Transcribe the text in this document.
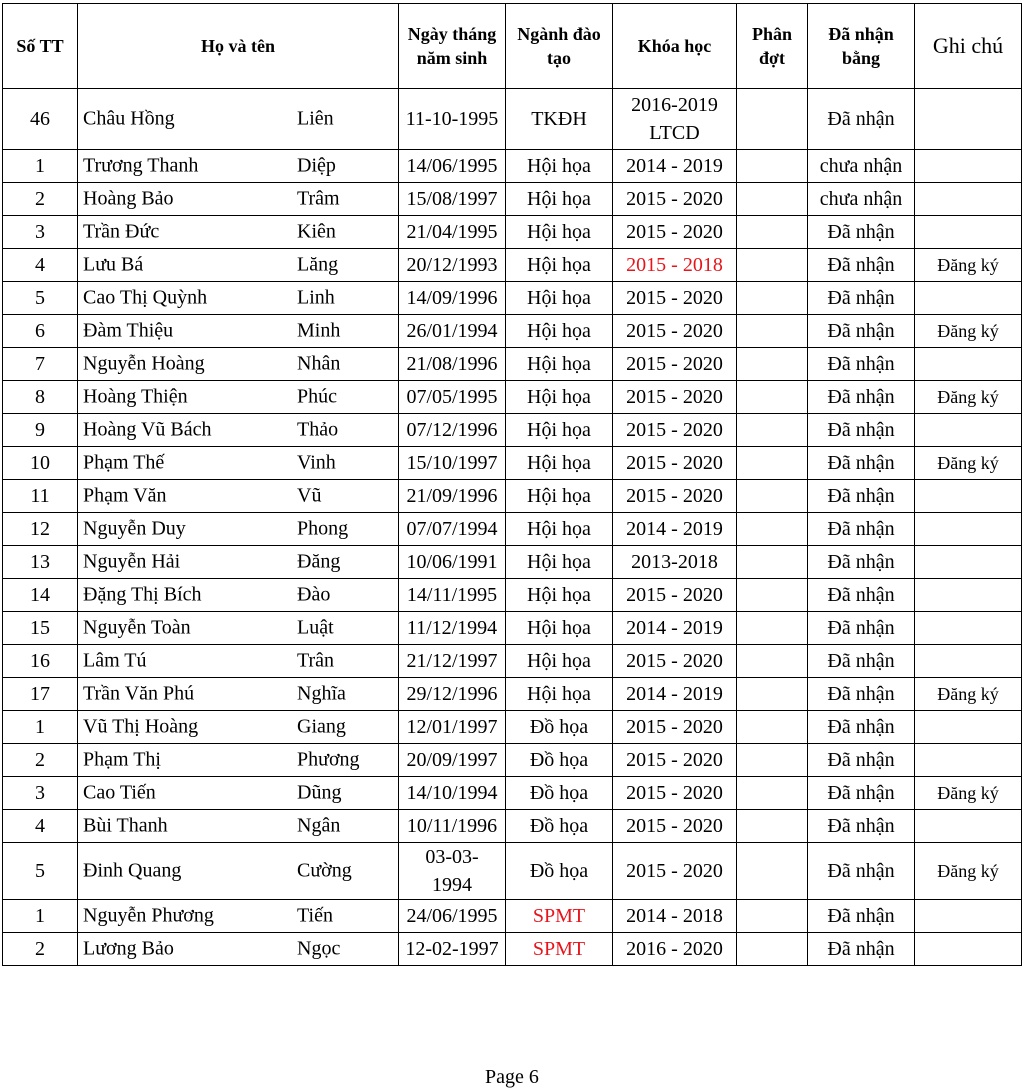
Số TT	Họ và tên	Ngày tháng năm sinh	Ngành đào tạo	Khóa học	Phân đợt	Đã nhận bằng	Ghi chú
46	Châu Hồng Liên	11-10-1995	TKĐH	2016-2019 LTCD		Đã nhận	
1	Trương Thanh Diệp	14/06/1995	Hội họa	2014 - 2019		chưa nhận	
2	Hoàng Bảo Trâm	15/08/1997	Hội họa	2015 - 2020		chưa nhận	
3	Trần Đức Kiên	21/04/1995	Hội họa	2015 - 2020		Đã nhận	
4	Lưu Bá Lăng	20/12/1993	Hội họa	2015 - 2018		Đã nhận	Đăng ký
5	Cao Thị Quỳnh Linh	14/09/1996	Hội họa	2015 - 2020		Đã nhận	
6	Đàm Thiệu Minh	26/01/1994	Hội họa	2015 - 2020		Đã nhận	Đăng ký
7	Nguyễn Hoàng Nhân	21/08/1996	Hội họa	2015 - 2020		Đã nhận	
8	Hoàng Thiện Phúc	07/05/1995	Hội họa	2015 - 2020		Đã nhận	Đăng ký
9	Hoàng Vũ Bách Thảo	07/12/1996	Hội họa	2015 - 2020		Đã nhận	
10	Phạm Thế Vinh	15/10/1997	Hội họa	2015 - 2020		Đã nhận	Đăng ký
11	Phạm Văn Vũ	21/09/1996	Hội họa	2015 - 2020		Đã nhận	
12	Nguyễn Duy Phong	07/07/1994	Hội họa	2014 - 2019		Đã nhận	
13	Nguyễn Hải Đăng	10/06/1991	Hội họa	2013-2018		Đã nhận	
14	Đặng Thị Bích Đào	14/11/1995	Hội họa	2015 - 2020		Đã nhận	
15	Nguyễn Toàn Luật	11/12/1994	Hội họa	2014 - 2019		Đã nhận	
16	Lâm Tú Trân	21/12/1997	Hội họa	2015 - 2020		Đã nhận	
17	Trần Văn Phú Nghĩa	29/12/1996	Hội họa	2014 - 2019		Đã nhận	Đăng ký
1	Vũ Thị Hoàng Giang	12/01/1997	Đồ họa	2015 - 2020		Đã nhận	
2	Phạm Thị Phương	20/09/1997	Đồ họa	2015 - 2020		Đã nhận	
3	Cao Tiến Dũng	14/10/1994	Đồ họa	2015 - 2020		Đã nhận	Đăng ký
4	Bùi Thanh Ngân	10/11/1996	Đồ họa	2015 - 2020		Đã nhận	
5	Đinh Quang Cường	03-03-1994	Đồ họa	2015 - 2020		Đã nhận	Đăng ký
1	Nguyễn Phương Tiến	24/06/1995	SPMT	2014 - 2018		Đã nhận	
2	Lương Bảo Ngọc	12-02-1997	SPMT	2016 - 2020		Đã nhận	
Page 6
